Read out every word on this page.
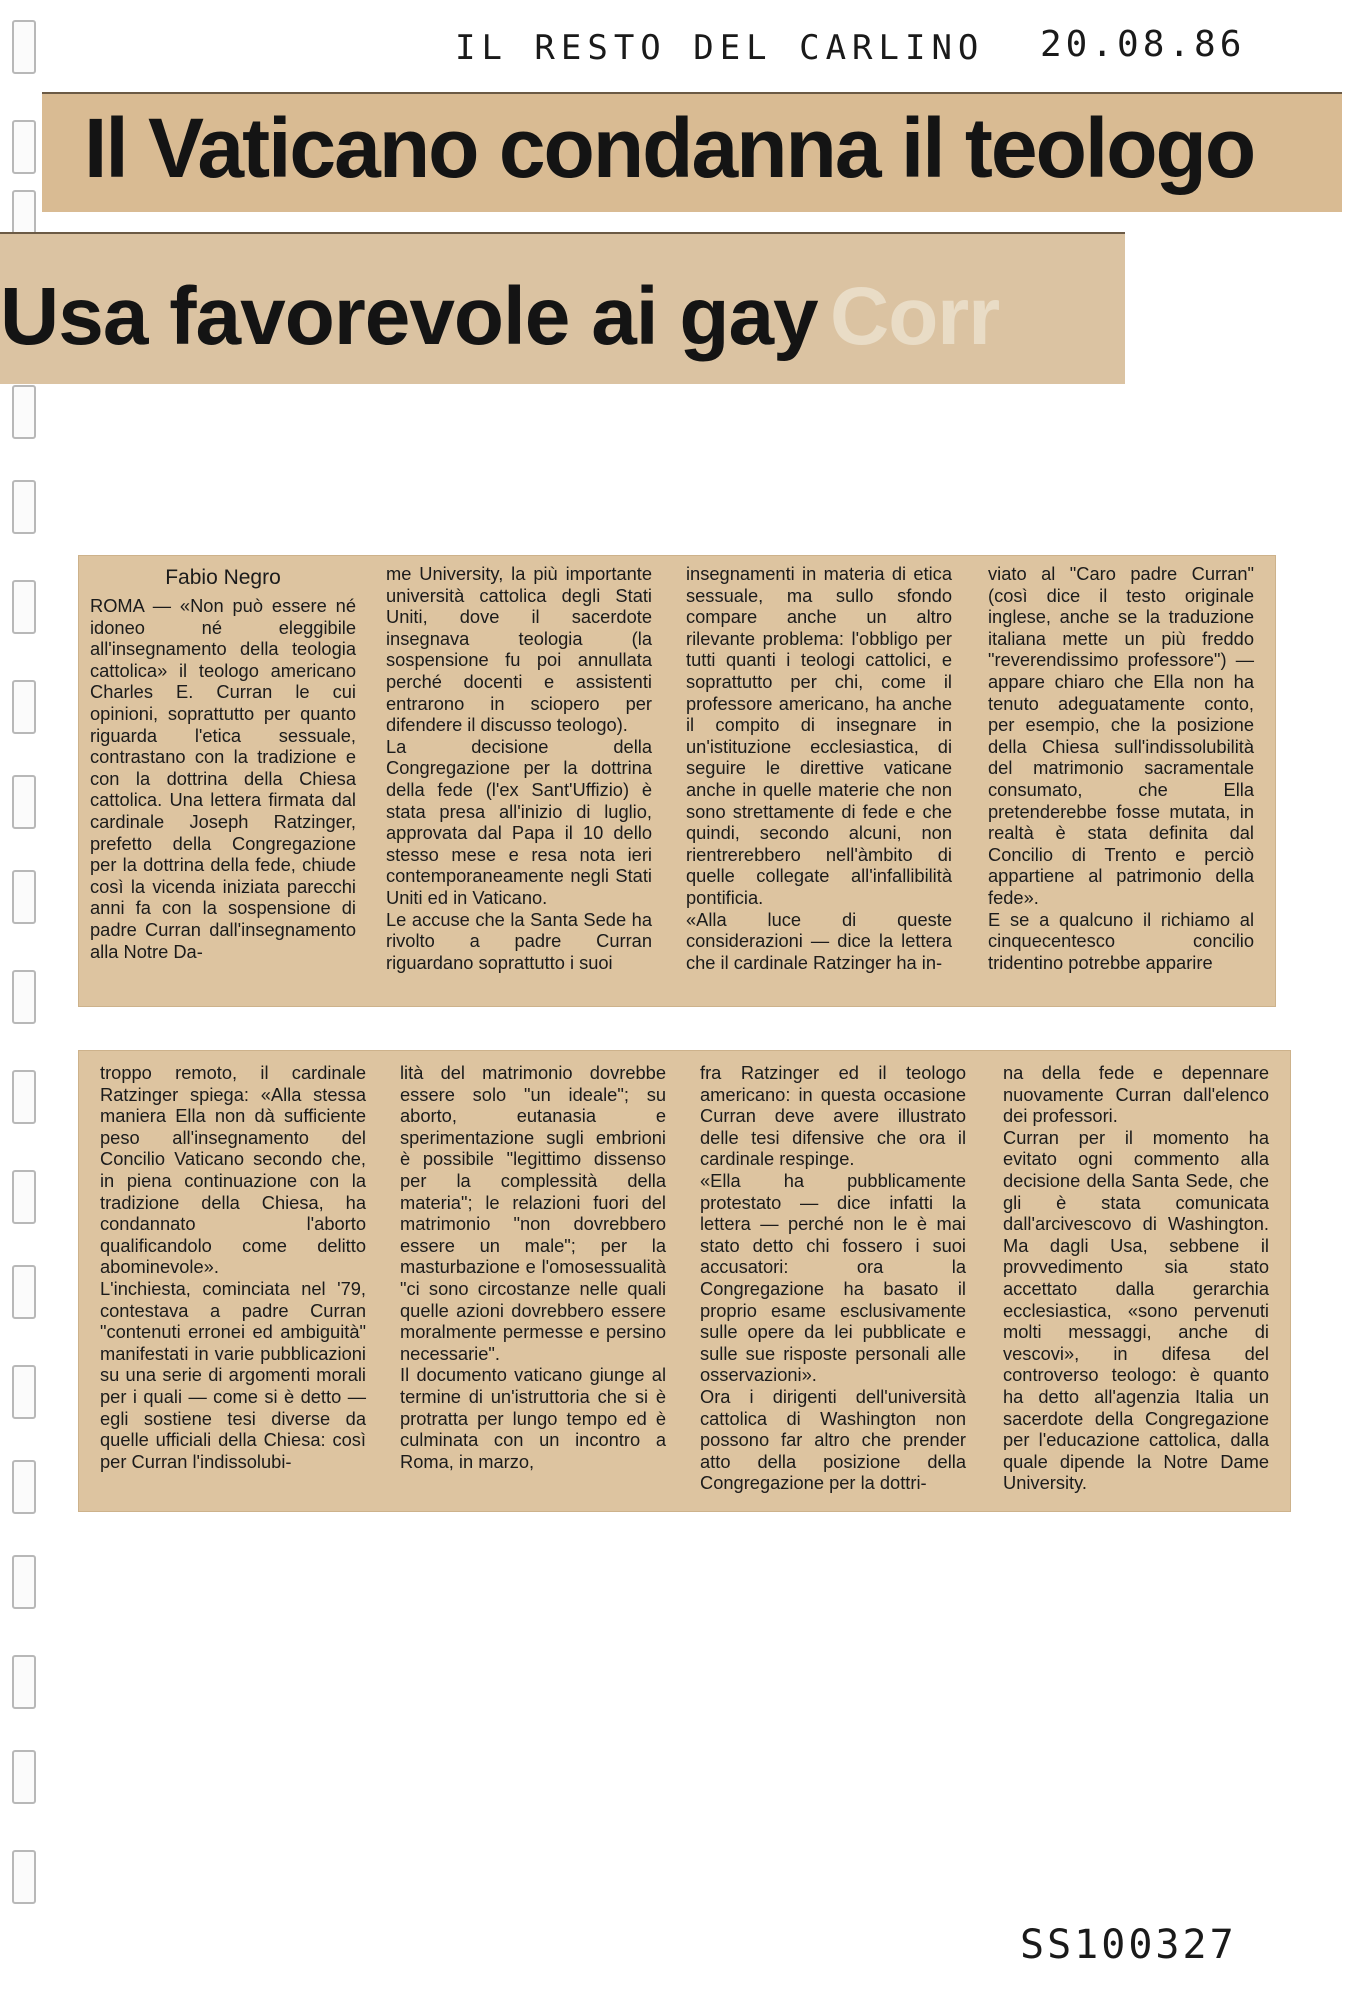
IL RESTO DEL CARLINO 20.08.86
Il Vaticano condanna il teologo
Corr
Usa favorevole ai gay

Fabio Negro

ROMA — «Non può essere né idoneo né eleggibile all'insegnamento della teologia cattolica» il teologo americano Charles E. Curran le cui opinioni, soprattutto per quanto riguarda l'etica sessuale, contrastano con la tradizione e con la dottrina della Chiesa cattolica. Una lettera firmata dal cardinale Joseph Ratzinger, prefetto della Congregazione per la dottrina della fede, chiude così la vicenda iniziata parecchi anni fa con la sospensione di padre Curran dall'insegnamento alla Notre Da-

me University, la più importante università cattolica degli Stati Uniti, dove il sacerdote insegnava teologia (la sospensione fu poi annullata perché docenti e assistenti entrarono in sciopero per difendere il discusso teologo).
La decisione della Congregazione per la dottrina della fede (l'ex Sant'Uffizio) è stata presa all'inizio di luglio, approvata dal Papa il 10 dello stesso mese e resa nota ieri contemporaneamente negli Stati Uniti ed in Vaticano.
Le accuse che la Santa Sede ha rivolto a padre Curran riguardano soprattutto i suoi

insegnamenti in materia di etica sessuale, ma sullo sfondo compare anche un altro rilevante problema: l'obbligo per tutti quanti i teologi cattolici, e soprattutto per chi, come il professore americano, ha anche il compito di insegnare in un'istituzione ecclesiastica, di seguire le direttive vaticane anche in quelle materie che non sono strettamente di fede e che quindi, secondo alcuni, non rientrerebbero nell'àmbito di quelle collegate all'infallibilità pontificia.
«Alla luce di queste considerazioni — dice la lettera che il cardinale Ratzinger ha in-

viato al "Caro padre Curran" (così dice il testo originale inglese, anche se la traduzione italiana mette un più freddo "reverendissimo professore") — appare chiaro che Ella non ha tenuto adeguatamente conto, per esempio, che la posizione della Chiesa sull'indissolubilità del matrimonio sacramentale consumato, che Ella pretenderebbe fosse mutata, in realtà è stata definita dal Concilio di Trento e perciò appartiene al patrimonio della fede».
E se a qualcuno il richiamo al cinquecentesco concilio tridentino potrebbe apparire

troppo remoto, il cardinale Ratzinger spiega: «Alla stessa maniera Ella non dà sufficiente peso all'insegnamento del Concilio Vaticano secondo che, in piena continuazione con la tradizione della Chiesa, ha condannato l'aborto qualificandolo come delitto abominevole».
L'inchiesta, cominciata nel '79, contestava a padre Curran "contenuti erronei ed ambiguità" manifestati in varie pubblicazioni su una serie di argomenti morali per i quali — come si è detto — egli sostiene tesi diverse da quelle ufficiali della Chiesa: così per Curran l'indissolubi-

lità del matrimonio dovrebbe essere solo "un ideale"; su aborto, eutanasia e sperimentazione sugli embrioni è possibile "legittimo dissenso per la complessità della materia"; le relazioni fuori del matrimonio "non dovrebbero essere un male"; per la masturbazione e l'omosessualità "ci sono circostanze nelle quali quelle azioni dovrebbero essere moralmente permesse e persino necessarie".
Il documento vaticano giunge al termine di un'istruttoria che si è protratta per lungo tempo ed è culminata con un incontro a Roma, in marzo,

fra Ratzinger ed il teologo americano: in questa occasione Curran deve avere illustrato delle tesi difensive che ora il cardinale respinge.
«Ella ha pubblicamente protestato — dice infatti la lettera — perché non le è mai stato detto chi fossero i suoi accusatori: ora la Congregazione ha basato il proprio esame esclusivamente sulle opere da lei pubblicate e sulle sue risposte personali alle osservazioni».
Ora i dirigenti dell'università cattolica di Washington non possono far altro che prender atto della posizione della Congregazione per la dottri-

na della fede e depennare nuovamente Curran dall'elenco dei professori.
Curran per il momento ha evitato ogni commento alla decisione della Santa Sede, che gli è stata comunicata dall'arcivescovo di Washington. Ma dagli Usa, sebbene il provvedimento sia stato accettato dalla gerarchia ecclesiastica, «sono pervenuti molti messaggi, anche di vescovi», in difesa del controverso teologo: è quanto ha detto all'agenzia Italia un sacerdote della Congregazione per l'educazione cattolica, dalla quale dipende la Notre Dame University.

SS100327
